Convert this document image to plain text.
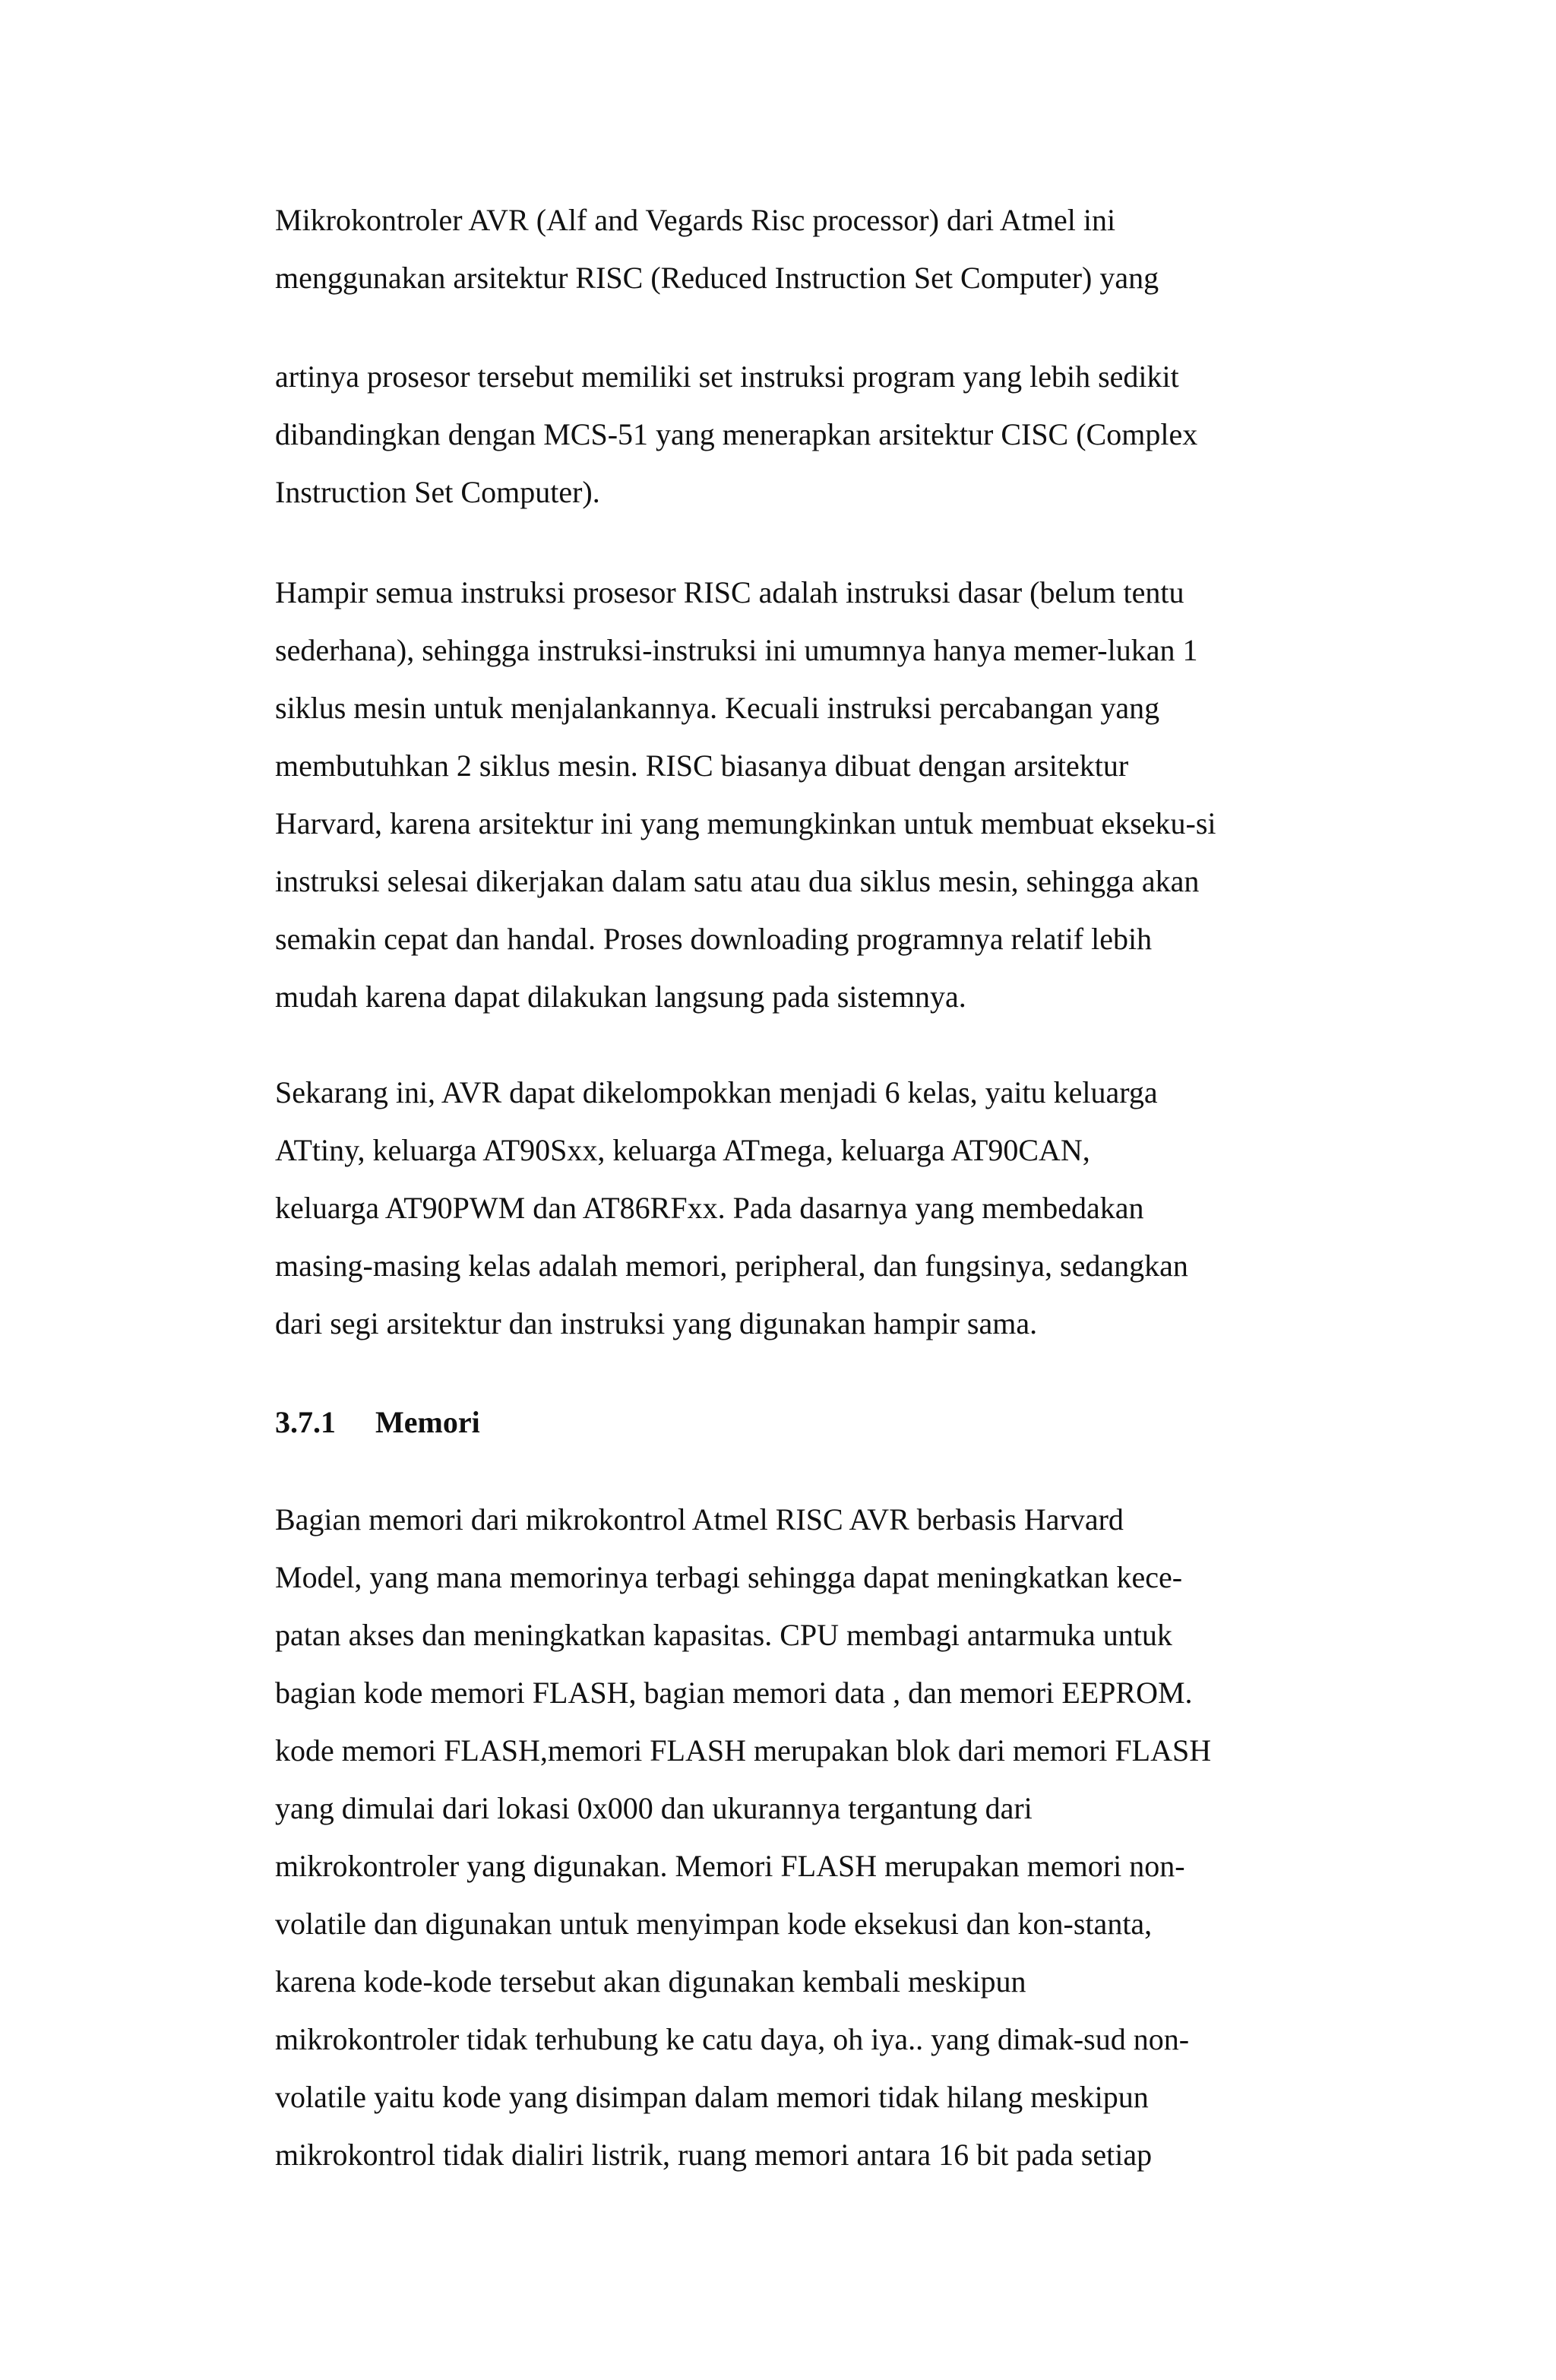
Mikrokontroler AVR (Alf and Vegards Risc processor) dari Atmel ini
menggunakan arsitektur RISC (Reduced Instruction Set Computer) yang
artinya prosesor tersebut memiliki set instruksi program yang lebih sedikit
dibandingkan dengan MCS-51 yang menerapkan arsitektur CISC (Complex
Instruction Set Computer).
Hampir semua instruksi prosesor RISC adalah instruksi dasar (belum tentu
sederhana), sehingga instruksi-instruksi ini umumnya hanya memer-lukan 1
siklus mesin untuk menjalankannya. Kecuali instruksi percabangan yang
membutuhkan 2 siklus mesin. RISC biasanya dibuat dengan arsitektur
Harvard, karena arsitektur ini yang memungkinkan untuk membuat ekseku-si
instruksi selesai dikerjakan dalam satu atau dua siklus mesin, sehingga akan
semakin cepat dan handal. Proses downloading programnya relatif lebih
mudah karena dapat dilakukan langsung pada sistemnya.
Sekarang ini, AVR dapat dikelompokkan menjadi 6 kelas, yaitu keluarga
ATtiny, keluarga AT90Sxx, keluarga ATmega, keluarga AT90CAN,
keluarga AT90PWM dan AT86RFxx. Pada dasarnya yang membedakan
masing-masing kelas adalah memori, peripheral, dan fungsinya, sedangkan
dari segi arsitektur dan instruksi yang digunakan hampir sama.
3.7.1 Memori
Bagian memori dari mikrokontrol Atmel RISC AVR berbasis Harvard
Model, yang mana memorinya terbagi sehingga dapat meningkatkan kece-
patan akses dan meningkatkan kapasitas. CPU membagi antarmuka untuk
bagian kode memori FLASH, bagian memori data , dan memori EEPROM.
kode memori FLASH,memori FLASH merupakan blok dari memori FLASH
yang dimulai dari lokasi 0x000 dan ukurannya tergantung dari
mikrokontroler yang digunakan. Memori FLASH merupakan memori non-
volatile dan digunakan untuk menyimpan kode eksekusi dan kon-stanta,
karena kode-kode tersebut akan digunakan kembali meskipun
mikrokontroler tidak terhubung ke catu daya, oh iya.. yang dimak-sud non-
volatile yaitu kode yang disimpan dalam memori tidak hilang meskipun
mikrokontrol tidak dialiri listrik, ruang memori antara 16 bit pada setiap
